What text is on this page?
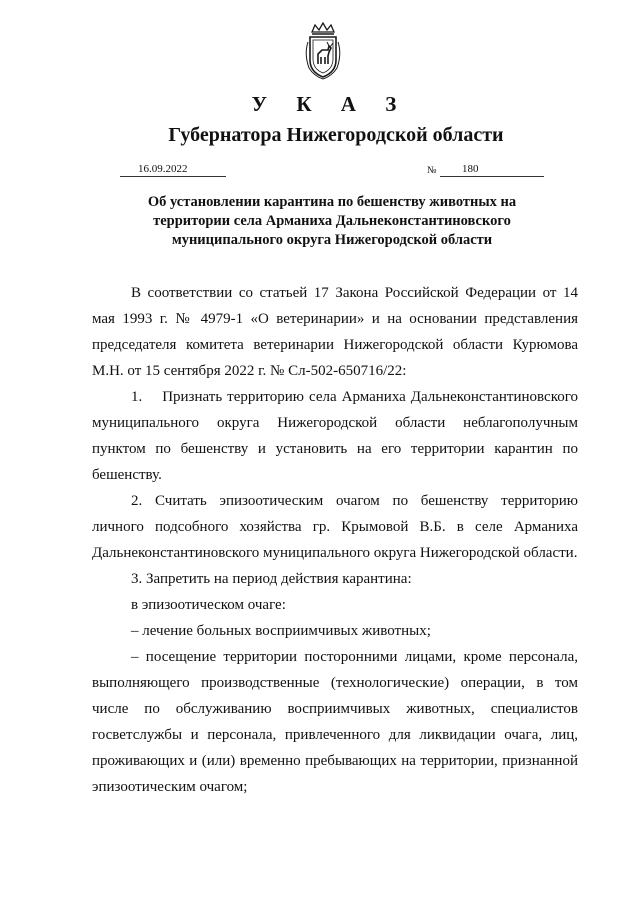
У К А З
Губернатора Нижегородской области
16.09.2022	№	180
Об установлении карантина по бешенству животных на
территории села Арманиха Дальнеконстантиновского
муниципального округа Нижегородской области

В соответствии со статьей 17 Закона Российской Федерации от 14 мая 1993 г. № 4979-1 «О ветеринарии» и на основании представления председателя комитета ветеринарии Нижегородской области Курюмова М.Н. от 15 сентября 2022 г. № Сл-502-650716/22:

1.    Признать территорию села Арманиха Дальнеконстантиновского муниципального округа Нижегородской области неблагополучным пунктом по бешенству и установить на его территории карантин по бешенству.

2. Считать эпизоотическим очагом по бешенству территорию личного подсобного хозяйства гр. Крымовой В.Б. в селе Арманиха Дальнеконстантиновского муниципального округа Нижегородской области.

3. Запретить на период действия карантина:

в эпизоотическом очаге:

– лечение больных восприимчивых животных;

– посещение территории посторонними лицами, кроме персонала, выполняющего производственные (технологические) операции, в том числе по обслуживанию восприимчивых животных, специалистов госветслужбы и персонала, привлеченного для ликвидации очага, лиц, проживающих и (или) временно пребывающих на территории, признанной эпизоотическим очагом;
